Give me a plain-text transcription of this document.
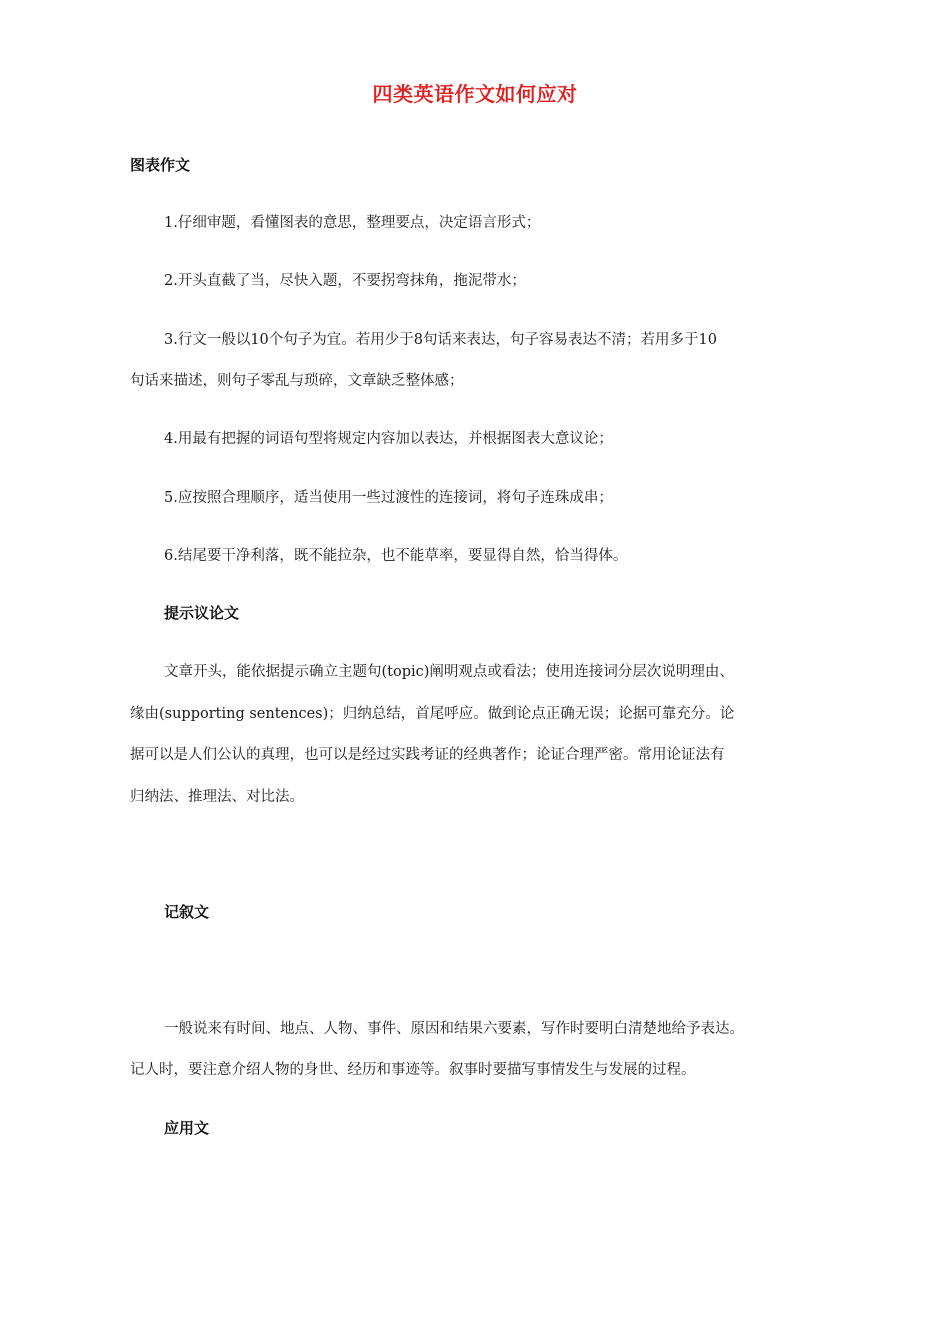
四类英语作文如何应对
图表作文
1.仔细审题，看懂图表的意思，整理要点，决定语言形式；
2.开头直截了当，尽快入题，不要拐弯抹角，拖泥带水；
3.行文一般以10个句子为宜。若用少于8句话来表达，句子容易表达不清；若用多于10
句话来描述，则句子零乱与琐碎，文章缺乏整体感；
4.用最有把握的词语句型将规定内容加以表达，并根据图表大意议论；
5.应按照合理顺序，适当使用一些过渡性的连接词，将句子连珠成串；
6.结尾要干净利落，既不能拉杂，也不能草率，要显得自然，恰当得体。
提示议论文
文章开头，能依据提示确立主题句(topic)阐明观点或看法；使用连接词分层次说明理由、
缘由(supporting sentences)；归纳总结，首尾呼应。做到论点正确无误；论据可靠充分。论
据可以是人们公认的真理，也可以是经过实践考证的经典著作；论证合理严密。常用论证法有
归纳法、推理法、对比法。
记叙文
一般说来有时间、地点、人物、事件、原因和结果六要素，写作时要明白清楚地给予表达。
记人时，要注意介绍人物的身世、经历和事迹等。叙事时要描写事情发生与发展的过程。
应用文
